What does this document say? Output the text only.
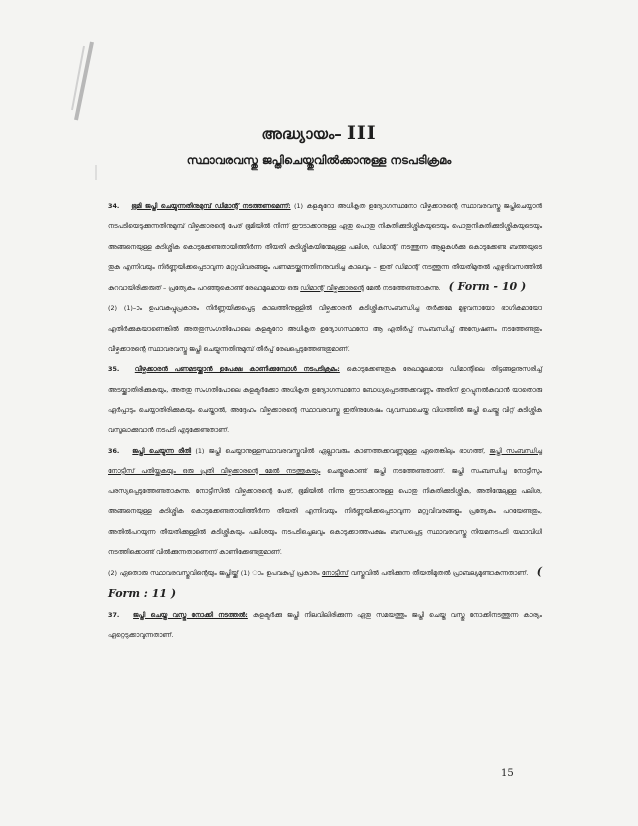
അദ്ധ്യായം– III
സ്ഥാവരവസ്തു ജപ്തിചെയ്തുവിൽക്കാനുള്ള നടപടിക്രമം

34. ഭൂമി ജപ്തി ചെയ്യുന്നതിനുമുമ്പ് ഡിമാന്റ് നടത്തണമെന്ന്: (1) കളക്ടറോ അധികൃത ഉദ്യോഗസ്ഥനോ വീഴ്ചക്കാരന്റെ സ്ഥാവരവസ്തു ജപ്തിചെയ്യാൻ നടപടിയെടുക്കുന്നതിനുമുമ്പ് വീഴ്ചക്കാരന്റെ പേര് ഭൂമിയിൽ നിന്ന് ഈടാക്കാനുള്ള ഏതു പൊതു നികുതിക്കുടിശ്ശികയുടെയും പൊതുനികുതിക്കുടിശ്ശികയുടെയും അങ്ങനെയുള്ള കുടിശ്ശിക കൊടുക്കേണ്ടതായിത്തീർന്ന തീയതി കുടിശ്ശികയിന്മേലുള്ള പലിശ, ഡിമാന്റ് നടത്തുന്ന ആളുകൾക്കു കൊടുക്കേണ്ട ബത്തയുടെ തുക എന്നിവയും നിർണ്ണയിക്കപ്പെടാവുന്ന മറ്റുവിവരങ്ങളും പണമടയ്ക്കുന്നതിനനുവദിച്ച കാലവും – ഇത് ഡിമാന്റ് നടത്തുന്ന തീയതിമുതൽ എഴുദിവസത്തിൽ കുറവായിരിക്കരുത് – പ്രത്യേകം പറഞ്ഞുകൊണ്ട് രേഖാമൂലമായ ഒരു ഡിമാന്റ് വീഴ്ചക്കാരന്റെ മേൽ നടത്തേണ്ടതാകുന്നു. ( Form - 10 )

(2) (1)–ാം ഉപവകുപ്പുപ്രകാരം നിർണ്ണയിക്കപ്പെട്ട കാലത്തിനുള്ളിൽ വീഴ്ചക്കാരൻ കുടിശ്ശികസംബന്ധിച്ച തർക്കമേ മുഴുവനായോ ഭാഗികമായോ എതിർക്കുകയാണെങ്കിൽ അതതുസംഗതിപോലെ കളക്ടറോ അധികൃത ഉദ്യോഗസ്ഥനോ ആ എതിർപ്പ് സംബന്ധിച്ച് അന്വേഷണം നടത്തേണ്ടതും വീഴ്ചക്കാരന്റെ സ്ഥാവരവസ്തു ജപ്തി ചെയ്യുന്നതിനുമുമ്പ് തീർപ്പ് രേഖപ്പെടുത്തേണ്ടതുമാണ്.

35. വീഴ്ചക്കാരൻ പണമടയ്ക്കാൻ ഉപേക്ഷ കാണിക്കുമ്പോൾ നടപടിക്രമം: കൊടുക്കേണ്ടതുക രേഖാമൂലമായ ഡിമാന്റിലെ തിട്ടങ്ങളനുസരിച്ച് അടയ്ക്കാതിരിക്കുകയും, അതതു സംഗതിപോലെ കളക്ടർക്കോ അധികൃത ഉദ്യോഗസ്ഥനോ ബോധ്യപ്പെടത്തക്കവണ്ണം അതിന് ഉറപ്പുനൽകുവാൻ യാതൊരു ഏർപ്പാടും ചെയ്യാതിരിക്കുകയും ചെയ്താൽ, അദ്ദേഹം വീഴ്ചക്കാരന്റെ സ്ഥാവരവസ്തു ഇതിനുശേഷം വ്യവസ്ഥചെയ്ത വിധത്തിൽ ജപ്തി ചെയ്തു വിറ്റ് കുടിശ്ശിക വസൂലാക്കുവാൻ നടപടി എടുക്കേണ്ടതാണ്.

36. ജപ്തി ചെയ്യുന്ന രീതി (1) ജപ്തി ചെയ്യാനുള്ളസ്ഥാവരവസ്തുവിൽ ഏല്ലാവരും കാണത്തക്കവണ്ണമുള്ള ഏതെങ്കിലും ഭാഗത്ത്, ജപ്തി സംബന്ധിച്ച നോട്ടീസ് പതിയ്ക്കുകയും ഒരു പ്രതി വീഴ്ചക്കാരന്റെ മേൽ നടത്തുകയും ചെയ്തുകൊണ്ട് ജപ്തി നടത്തേണ്ടതാണ്. ജപ്തി സംബന്ധിച്ച നോട്ടീസും പരസ്യപ്പെടുത്തേണ്ടതാകുന്നു. നോട്ടീസിൽ വീഴ്ചക്കാരന്റെ പേര്, ഭൂമിയിൽ നിന്നു ഈടാക്കാനുള്ള പൊതു നികുതിക്കുടിശ്ശിക, അതിന്മേലുള്ള പലിശ, അങ്ങനെയുള്ള കുടിശ്ശിക കൊടുക്കേണ്ടതായിത്തീർന്ന തീയതി എന്നിവയും നിർണ്ണയിക്കപ്പെടാവുന്ന മറ്റുവിവരങ്ങളും പ്രത്യേകം പറയേണ്ടതും, അതിൽപറയുന്ന തീയതിക്കുള്ളിൽ കുടിശ്ശികയും പലിശയും നടപടിച്ചെലവും കൊടുക്കാത്തപക്ഷം ബന്ധപ്പെട്ട സ്ഥാവരവസ്തു നിയമനടപടി യഥാവിധി നടത്തിക്കൊണ്ട് വിൽക്കുന്നതാണെന്ന് കാണിക്കേണ്ടതുമാണ്.

(2) ഏതൊരു സ്ഥാവരവസ്തുവിന്റെയും ജപ്തിയ്ക്ക് (1) ാം ഉപവകുപ്പ് പ്രകാരം നോട്ടീസ് വസ്തുവിൽ പതിക്കുന്ന തീയതിമുതൽ പ്രാബല്യമുണ്ടാകുന്നതാണ്. ( Form : 11 )

37. ജപ്തി ചെയ്ത വസ്തു നോക്കി നടത്തൽ: കളക്ടർക്കു ജപ്തി നിലവിലിരിക്കുന്ന ഏതു സമയത്തും ജപ്തി ചെയ്ത വസ്തു നോക്കിനടത്തുന്ന കാര്യം ഏറ്റെടുക്കാവുന്നതാണ്.

15
